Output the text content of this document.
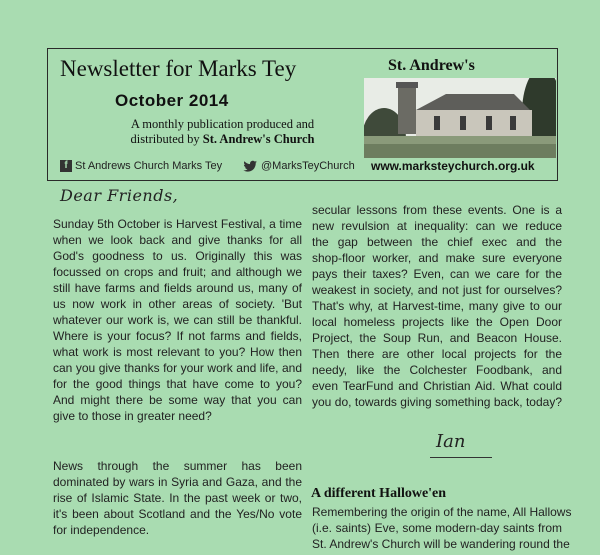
Newsletter for Marks Tey	St. Andrew's
October 2014
A monthly publication produced and
distributed by St. Andrew's Church
f St Andrews Church Marks Tey	@MarksTeyChurch www.marksteychurch.org.uk
Dear Friends,
Sunday 5th October is Harvest Festival, a time
when we look back and give thanks for all
God's goodness to us. Originally this was
focussed on crops and fruit; and although we
still have farms and fields around us, many of
us now work in other areas of society. 'But
whatever our work is, we can still be thankful.
Where is your focus? If not farms and fields,
what work is most relevant to you? How then
can you give thanks for your work and life, and
for the good things that have come to you?
And might there be some way that you can
give to those in greater need?
News through the summer has been
dominated by wars in Syria and Gaza, and the
rise of Islamic State. In the past week or two,
it's been about Scotland and the Yes/No vote
for independence.
secular lessons from these events. One is a
new revulsion at inequality: can we reduce
the gap between the chief exec and the
shop-floor worker, and make sure everyone
pays their taxes? Even, can we care for the
weakest in society, and not just for ourselves?
That's why, at Harvest-time, many give to our
local homeless projects like the Open Door
Project, the Soup Run, and Beacon House.
Then there are other local projects for the
needy, like the Colchester Foodbank, and
even TearFund and Christian Aid. What could
you do, towards giving something back, today?
Ian
A different Hallowe'en
Remembering the origin of the name, All Hallows
(i.e. saints) Eve, some modern-day saints from
St. Andrew's Church will be wandering round the
